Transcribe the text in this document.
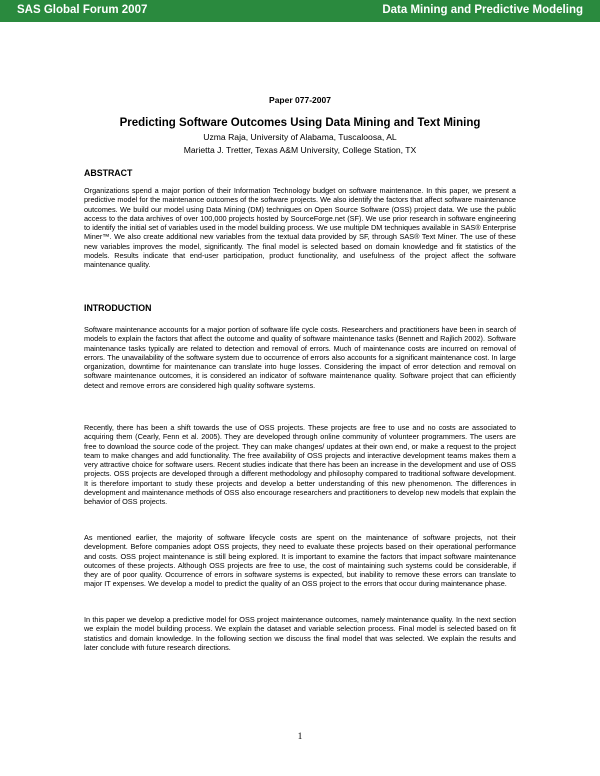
SAS Global Forum 2007	Data Mining and Predictive Modeling
Paper 077-2007
Predicting Software Outcomes Using Data Mining and Text Mining
Uzma Raja, University of Alabama, Tuscaloosa, AL
Marietta J. Tretter, Texas A&M University, College Station, TX
ABSTRACT

Organizations spend a major portion of their Information Technology budget on software maintenance. In this paper, we present a predictive model for the maintenance outcomes of the software projects. We also identify the factors that affect software maintenance outcomes. We build our model using Data Mining (DM) techniques on Open Source Software (OSS) project data. We use the public access to the data archives of over 100,000 projects hosted by SourceForge.net (SF). We use prior research in software engineering to identify the initial set of variables used in the model building process. We use multiple DM techniques available in SAS® Enterprise Miner™. We also create additional new variables from the textual data provided by SF, through SAS® Text Miner. The use of these new variables improves the model, significantly. The final model is selected based on domain knowledge and fit statistics of the models. Results indicate that end-user participation, product functionality, and usefulness of the project affect the software maintenance quality.

INTRODUCTION

Software maintenance accounts for a major portion of software life cycle costs. Researchers and practitioners have been in search of models to explain the factors that affect the outcome and quality of software maintenance tasks (Bennett and Rajlich 2002). Software maintenance tasks typically are related to detection and removal of errors. Much of maintenance costs are incurred on removal of errors. The unavailability of the software system due to occurrence of errors also accounts for a significant maintenance cost. In large organization, downtime for maintenance can translate into huge losses. Considering the impact of error detection and removal on software maintenance outcomes, it is considered an indicator of software maintenance quality. Software project that can efficiently detect and remove errors are considered high quality software systems.

Recently, there has been a shift towards the use of OSS projects. These projects are free to use and no costs are associated to acquiring them (Cearly, Fenn et al. 2005). They are developed through online community of volunteer programmers. The users are free to download the source code of the project. They can make changes/ updates at their own end, or make a request to the project team to make changes and add functionality. The free availability of OSS projects and interactive development teams makes them a very attractive choice for software users. Recent studies indicate that there has been an increase in the development and use of OSS projects. OSS projects are developed through a different methodology and philosophy compared to traditional software development. It is therefore important to study these projects and develop a better understanding of this new phenomenon. The differences in development and maintenance methods of OSS also encourage researchers and practitioners to develop new models that explain the behavior of OSS projects.

As mentioned earlier, the majority of software lifecycle costs are spent on the maintenance of software projects, not their development. Before companies adopt OSS projects, they need to evaluate these projects based on their operational performance and costs. OSS project maintenance is still being explored. It is important to examine the factors that impact software maintenance outcomes of these projects. Although OSS projects are free to use, the cost of maintaining such systems could be considerable, if they are of poor quality. Occurrence of errors in software systems is expected, but inability to remove these errors can translate to major IT expenses. We develop a model to predict the quality of an OSS project to the errors that occur during maintenance phase.

In this paper we develop a predictive model for OSS project maintenance outcomes, namely maintenance quality. In the next section we explain the model building process. We explain the dataset and variable selection process. Final model is selected based on fit statistics and domain knowledge. In the following section we discuss the final model that was selected. We explain the results and later conclude with future research directions.

1
